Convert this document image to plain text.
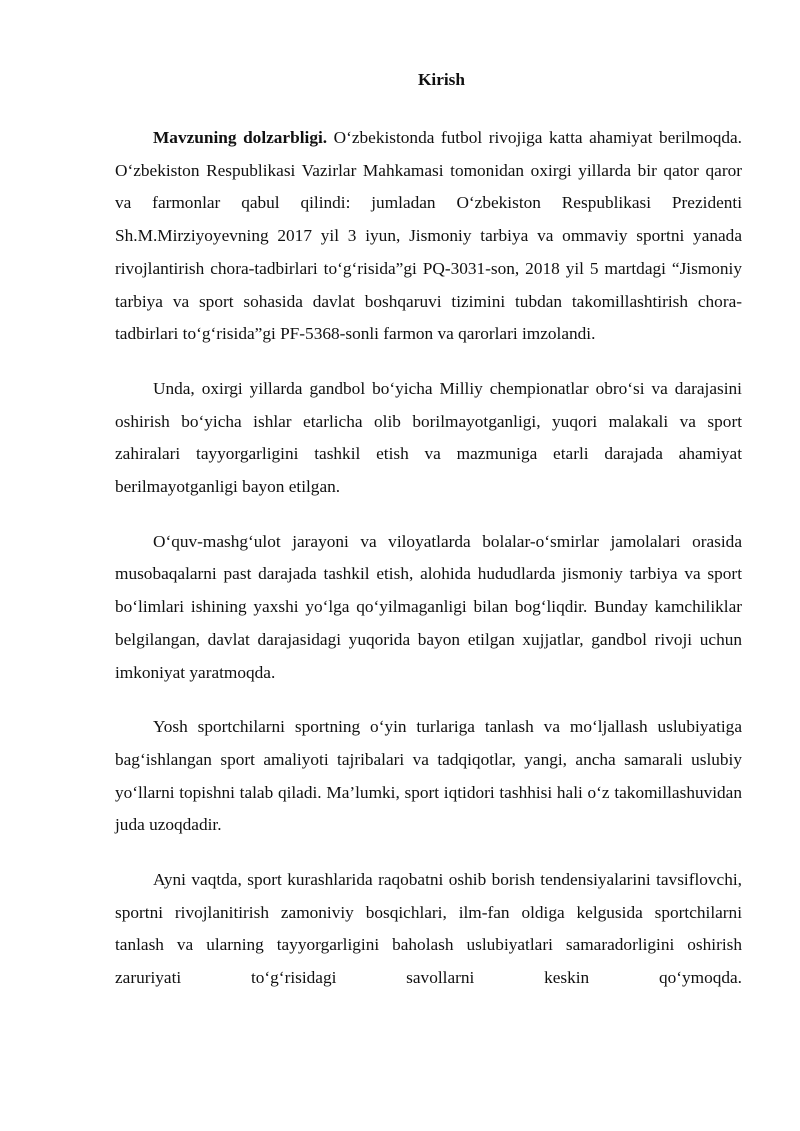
Kirish

Mavzuning dolzarbligi. O‘zbekistonda futbol rivojiga katta ahamiyat berilmoqda. O‘zbekiston Respublikasi Vazirlar Mahkamasi tomonidan oxirgi yillarda bir qator qaror va farmonlar qabul qilindi: jumladan O‘zbekiston Respublikasi Prezidenti Sh.M.Mirziyoyevning 2017 yil 3 iyun, Jismoniy tarbiya va ommaviy sportni yanada rivojlantirish chora-tadbirlari to‘g‘risida”gi PQ-3031-son, 2018 yil 5 martdagi “Jismoniy tarbiya va sport sohasida davlat boshqaruvi tizimini tubdan takomillashtirish chora-tadbirlari to‘g‘risida”gi PF-5368-sonli farmon va qarorlari imzolandi.

Unda, oxirgi yillarda gandbol bo‘yicha Milliy chempionatlar obro‘si va darajasini oshirish bo‘yicha ishlar etarlicha olib borilmayotganligi, yuqori malakali va sport zahiralari tayyorgarligini tashkil etish va mazmuniga etarli darajada ahamiyat berilmayotganligi bayon etilgan.

O‘quv-mashg‘ulot jarayoni va viloyatlarda bolalar-o‘smirlar jamolalari orasida musobaqalarni past darajada tashkil etish, alohida hududlarda jismoniy tarbiya va sport bo‘limlari ishining yaxshi yo‘lga qo‘yilmaganligi bilan bog‘liqdir. Bunday kamchiliklar belgilangan, davlat darajasidagi yuqorida bayon etilgan xujjatlar, gandbol rivoji uchun imkoniyat yaratmoqda.

Yosh sportchilarni sportning o‘yin turlariga tanlash va mo‘ljallash uslubiyatiga bag‘ishlangan sport amaliyoti tajribalari va tadqiqotlar, yangi, ancha samarali uslubiy yo‘llarni topishni talab qiladi. Ma’lumki, sport iqtidori tashhisi hali o‘z takomillashuvidan juda uzoqdadir.

Ayni vaqtda, sport kurashlarida raqobatni oshib borish tendensiyalarini tavsiflovchi, sportni rivojlanitirish zamoniviy bosqichlari, ilm-fan oldiga kelgusida sportchilarni tanlash va ularning tayyorgarligini baholash uslubiyatlari samaradorligini oshirish zaruriyati to‘g‘risidagi savollarni keskin qo‘ymoqda.
